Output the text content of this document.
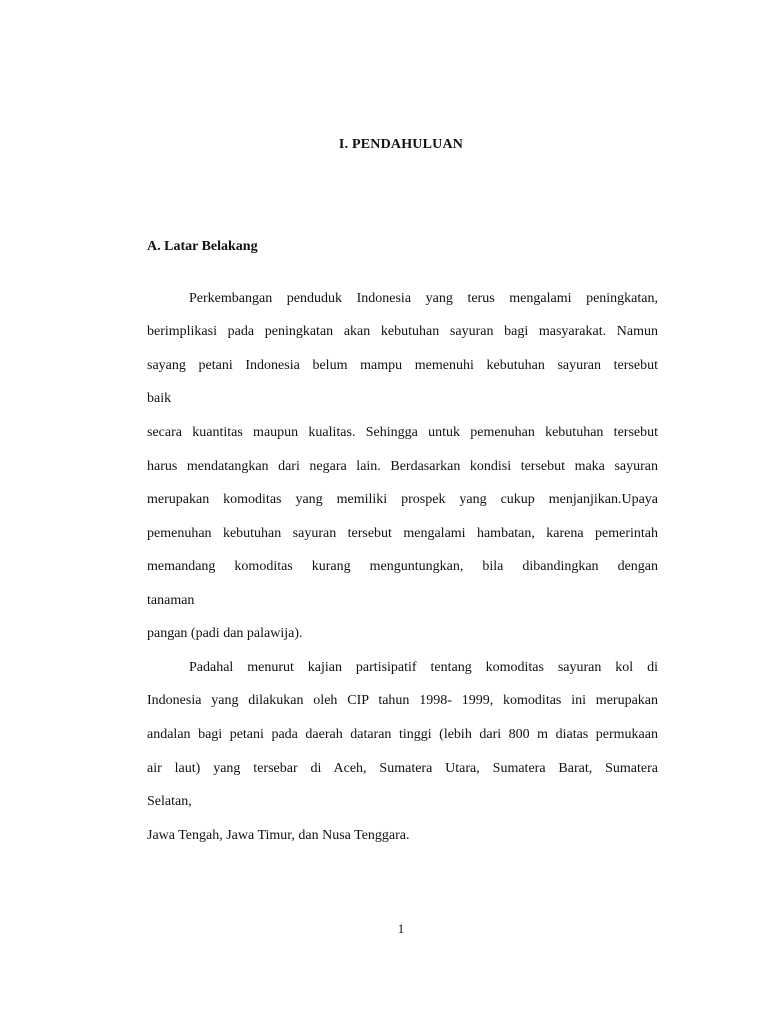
I. PENDAHULUAN
A. Latar Belakang
Perkembangan penduduk Indonesia yang terus mengalami peningkatan,
berimplikasi pada peningkatan akan kebutuhan sayuran bagi masyarakat. Namun
sayang petani Indonesia belum mampu memenuhi kebutuhan sayuran tersebut
baik
secara kuantitas maupun kualitas. Sehingga untuk pemenuhan kebutuhan tersebut
harus mendatangkan dari negara lain. Berdasarkan kondisi tersebut maka sayuran
merupakan komoditas yang memiliki prospek yang cukup menjanjikan.Upaya
pemenuhan kebutuhan sayuran tersebut mengalami hambatan, karena pemerintah
memandang komoditas kurang menguntungkan, bila dibandingkan dengan
tanaman
pangan (padi dan palawija).
Padahal menurut kajian partisipatif tentang komoditas sayuran kol di
Indonesia yang dilakukan oleh CIP tahun 1998- 1999, komoditas ini merupakan
andalan bagi petani pada daerah dataran tinggi (lebih dari 800 m diatas permukaan
air laut) yang tersebar di Aceh, Sumatera Utara, Sumatera Barat, Sumatera
Selatan,
Jawa Tengah, Jawa Timur, dan Nusa Tenggara.
1
